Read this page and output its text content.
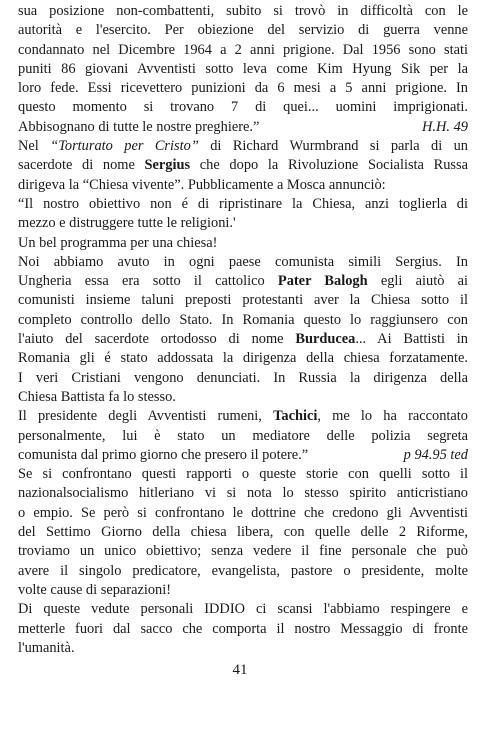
sua posizione non-combattenti, subito si trovò in difficoltà con le
autorità e l'esercito. Per obiezione del servizio di guerra venne
condannato nel Dicembre 1964 a 2 anni prigione. Dal 1956 sono stati
puniti 86 giovani Avventisti sotto leva come Kim Hyung Sik per la
loro fede. Essi ricevettero punizioni da 6 mesi a 5 anni prigione. In
questo momento si trovano 7 di quei... uomini imprigionati.
H.H. 49
Abbisognano di tutte le nostre preghiere.”
Nel “Torturato per Cristo” di Richard Wurmbrand si parla di un
sacerdote di nome Sergius che dopo la Rivoluzione Socialista Russa
dirigeva la “Chiesa vivente”. Pubblicamente a Mosca annunciò:
“Il nostro obiettivo non é di ripristinare la Chiesa, anzi toglierla di
mezzo e distruggere tutte le religioni.'
Un bel programma per una chiesa!
Noi abbiamo avuto in ogni paese comunista simili Sergius. In
Ungheria essa era sotto il cattolico Pater Balogh egli aiutò ai
comunisti insieme taluni preposti protestanti aver la Chiesa sotto il
completo controllo dello Stato. In Romania questo lo raggiunsero con
l'aiuto del sacerdote ortodosso di nome Burducea... Ai Battisti in
Romania gli é stato addossata la dirigenza della chiesa forzatamente.
I veri Cristiani vengono denunciati. In Russia la dirigenza della
Chiesa Battista fa lo stesso.
Il presidente degli Avventisti rumeni, Tachici, me lo ha raccontato
personalmente, lui è stato un mediatore delle polizia segreta
p 94.95 ted
comunista dal primo giorno che presero il potere.”
Se si confrontano questi rapporti o queste storie con quelli sotto il
nazionalsocialismo hitleriano vi si nota lo stesso spirito anticristiano
o empio. Se però si confrontano le dottrine che credono gli Avventisti
del Settimo Giorno della chiesa libera, con quelle delle 2 Riforme,
troviamo un unico obiettivo; senza vedere il fine personale che può
avere il singolo predicatore, evangelista, pastore o presidente, molte
volte cause di separazioni!
Di queste vedute personali IDDIO ci scansi l'abbiamo respingere e
metterle fuori dal sacco che comporta il nostro Messaggio di fronte
l'umanità.
41
